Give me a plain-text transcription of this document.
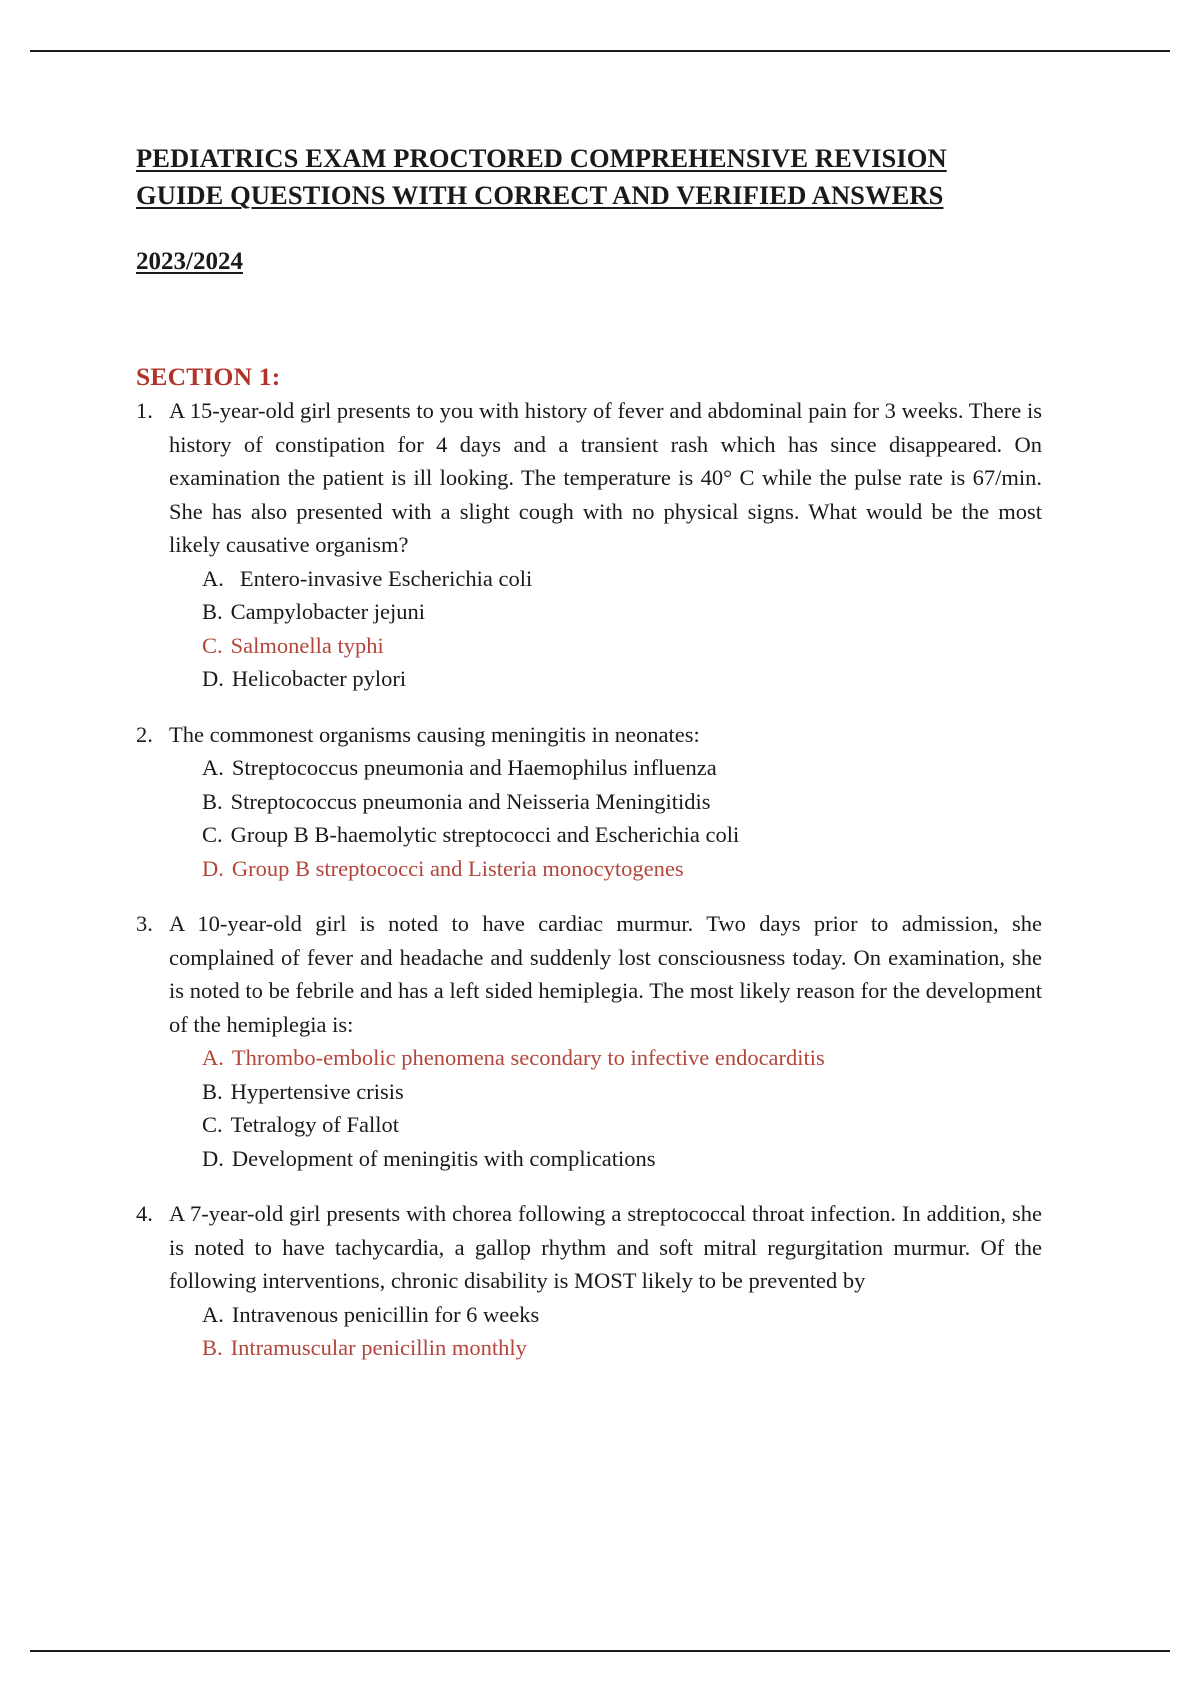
PEDIATRICS EXAM PROCTORED COMPREHENSIVE REVISION
GUIDE QUESTIONS WITH CORRECT AND VERIFIED ANSWERS
2023/2024
SECTION 1:
1. A 15-year-old girl presents to you with history of fever and abdominal pain for 3 weeks. There is history of constipation for 4 days and a transient rash which has since disappeared. On examination the patient is ill looking. The temperature is 40° C while the pulse rate is 67/min. She has also presented with a slight cough with no physical signs. What would be the most likely causative organism?

A. Entero-invasive Escherichia coli
B. Campylobacter jejuni
C. Salmonella typhi
D. Helicobacter pylori
2. The commonest organisms causing meningitis in neonates:

A. Streptococcus pneumonia and Haemophilus influenza
B. Streptococcus pneumonia and Neisseria Meningitidis
C. Group B B-haemolytic streptococci and Escherichia coli
D. Group B streptococci and Listeria monocytogenes
3. A 10-year-old girl is noted to have cardiac murmur. Two days prior to admission, she complained of fever and headache and suddenly lost consciousness today. On examination, she is noted to be febrile and has a left sided hemiplegia. The most likely reason for the development of the hemiplegia is:

A. Thrombo-embolic phenomena secondary to infective endocarditis
B. Hypertensive crisis
C. Tetralogy of Fallot
D. Development of meningitis with complications
4. A 7-year-old girl presents with chorea following a streptococcal throat infection. In addition, she is noted to have tachycardia, a gallop rhythm and soft mitral regurgitation murmur. Of the following interventions, chronic disability is MOST likely to be prevented by

A. Intravenous penicillin for 6 weeks
B. Intramuscular penicillin monthly
